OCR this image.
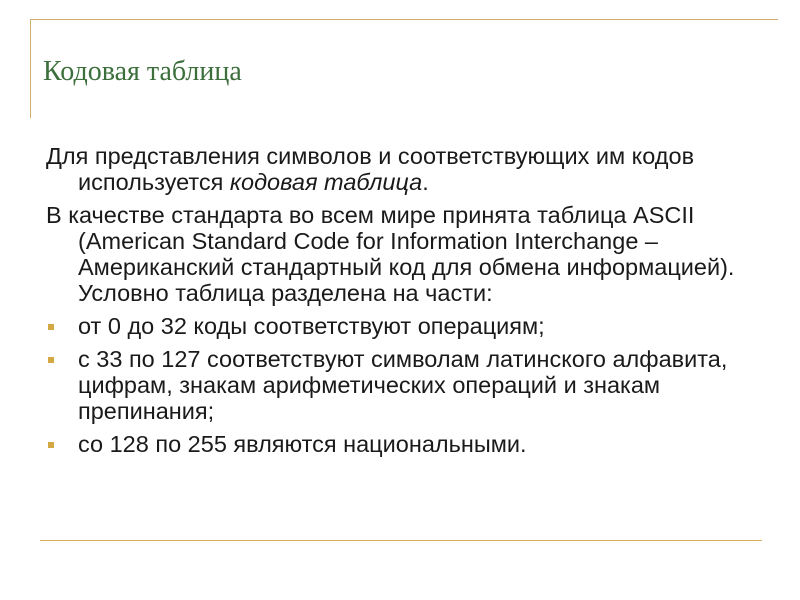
Кодовая таблица

Для представления символов и соответствующих им кодов используется кодовая таблица.

В качестве стандарта во всем мире принята таблица ASCII (American Standard Code for Information Interchange – Американский стандартный код для обмена информацией). Условно таблица разделена на части:

от 0 до 32 коды соответствуют операциям;
с 33 по 127 соответствуют символам латинского алфавита, цифрам, знакам арифметических операций и знакам препинания;
со 128 по 255 являются национальными.
